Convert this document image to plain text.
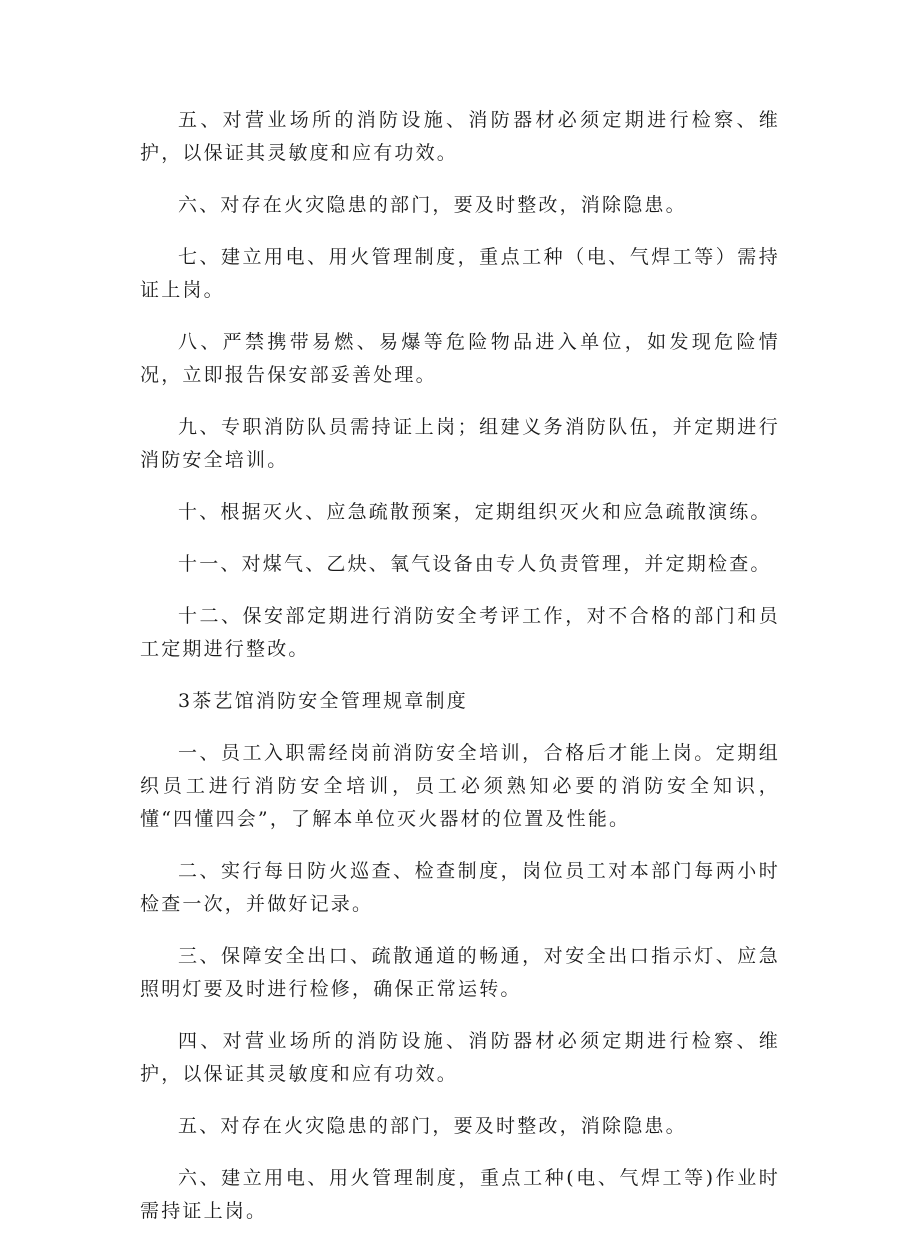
五、对营业场所的消防设施、消防器材必须定期进行检察、维护，以保证其灵敏度和应有功效。

六、对存在火灾隐患的部门，要及时整改，消除隐患。

七、建立用电、用火管理制度，重点工种（电、气焊工等）需持证上岗。

八、严禁携带易燃、易爆等危险物品进入单位，如发现危险情况，立即报告保安部妥善处理。

九、专职消防队员需持证上岗；组建义务消防队伍，并定期进行消防安全培训。

十、根据灭火、应急疏散预案，定期组织灭火和应急疏散演练。

十一、对煤气、乙炔、氧气设备由专人负责管理，并定期检查。

十二、保安部定期进行消防安全考评工作，对不合格的部门和员工定期进行整改。

3茶艺馆消防安全管理规章制度

一、员工入职需经岗前消防安全培训，合格后才能上岗。定期组织员工进行消防安全培训，员工必须熟知必要的消防安全知识，懂“四懂四会”，了解本单位灭火器材的位置及性能。

二、实行每日防火巡查、检查制度，岗位员工对本部门每两小时检查一次，并做好记录。

三、保障安全出口、疏散通道的畅通，对安全出口指示灯、应急照明灯要及时进行检修，确保正常运转。

四、对营业场所的消防设施、消防器材必须定期进行检察、维护，以保证其灵敏度和应有功效。

五、对存在火灾隐患的部门，要及时整改，消除隐患。

六、建立用电、用火管理制度，重点工种(电、气焊工等)作业时需持证上岗。
